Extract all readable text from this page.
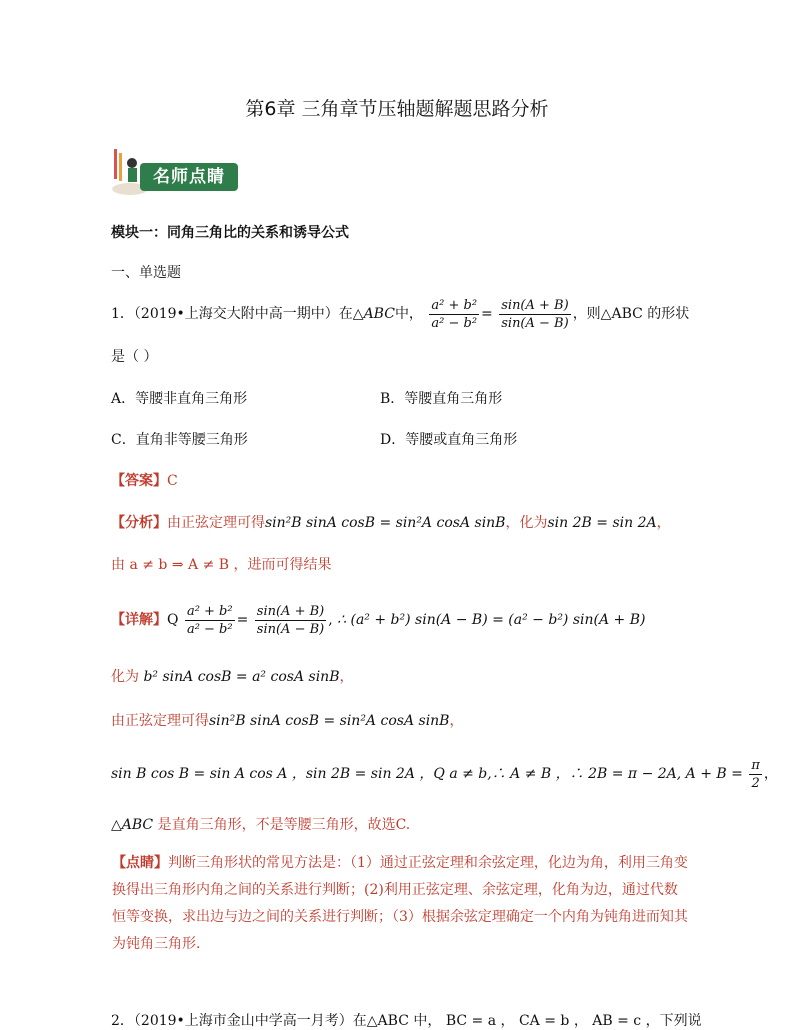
第6章 三角章节压轴题解题思路分析
名师点睛
模块一：同角三角比的关系和诱导公式
一、单选题
1．（2019•上海交大附中高一期中）在△ABC中， $\frac{\text{a² + b²}}{\text{a² − b²}} = \frac{\sin(A + B)}{\sin(A - B)}$ ，则△ABC 的形状
是（ ）
A．等腰非直角三角形	B．等腰直角三角形
C．直角非等腰三角形	D．等腰或直角三角形
【答案】C
【分析】由正弦定理可得sin²B sinA cosB = sin²A cosA sinB，化为sin 2B = sin 2A，
由 a ≠ b ⇒ A ≠ B ，进而可得结果
【详解】Q $\frac{\text{a² + b²}}{\text{a² − b²}} = \frac{\sin(A + B)}{\sin(A - B)}$ , ∴ (a² + b²) sin(A − B) = (a² − b²) sin(A + B)
化为 b² sinA cosB = a² cosA sinB，
由正弦定理可得sin²B sinA cosB = sin²A cosA sinB，
sin B cos B = sin A cos A ，sin 2B = sin 2A ，Q a ≠ b,∴ A ≠ B ，∴ 2B = π − 2A, $A + B = \frac{\pi}{2}$ ，
△ABC 是直角三角形，不是等腰三角形，故选C.
【点睛】判断三角形状的常见方法是：（1）通过正弦定理和余弦定理，化边为角，利用三角变换得出三角形内角之间的关系进行判断；(2)利用正弦定理、余弦定理，化角为边，通过代数恒等变换，求出边与边之间的关系进行判断；（3）根据余弦定理确定一个内角为钝角进而知其为钝角三角形.
2．（2019•上海市金山中学高一月考）在△ABC 中， BC = a ， CA = b ， AB = c ，下列说
